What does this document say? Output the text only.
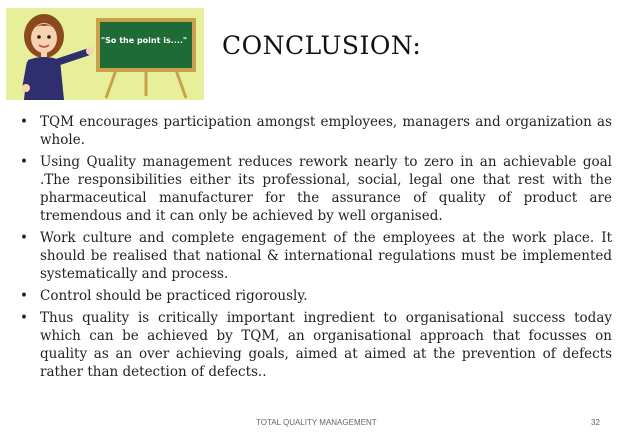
"So the point is...." CONCLUSION:
• TQM encourages participation amongst employees, managers and organization as whole.
• Using Quality management reduces rework nearly to zero in an achievable goal .The responsibilities either its professional, social, legal one that rest with the pharmaceutical manufacturer for the assurance of quality of product are tremendous and it can only be achieved by well organised.
• Work culture and complete engagement of the employees at the work place. It should be realised that national & international regulations must be implemented systematically and process.
• Control should be practiced rigorously.
• Thus quality is critically important ingredient to organisational success today which can be achieved by TQM, an organisational approach that focusses on quality as an over achieving goals, aimed at aimed at the prevention of defects rather than detection of defects..
TOTAL QUALITY MANAGEMENT	32
